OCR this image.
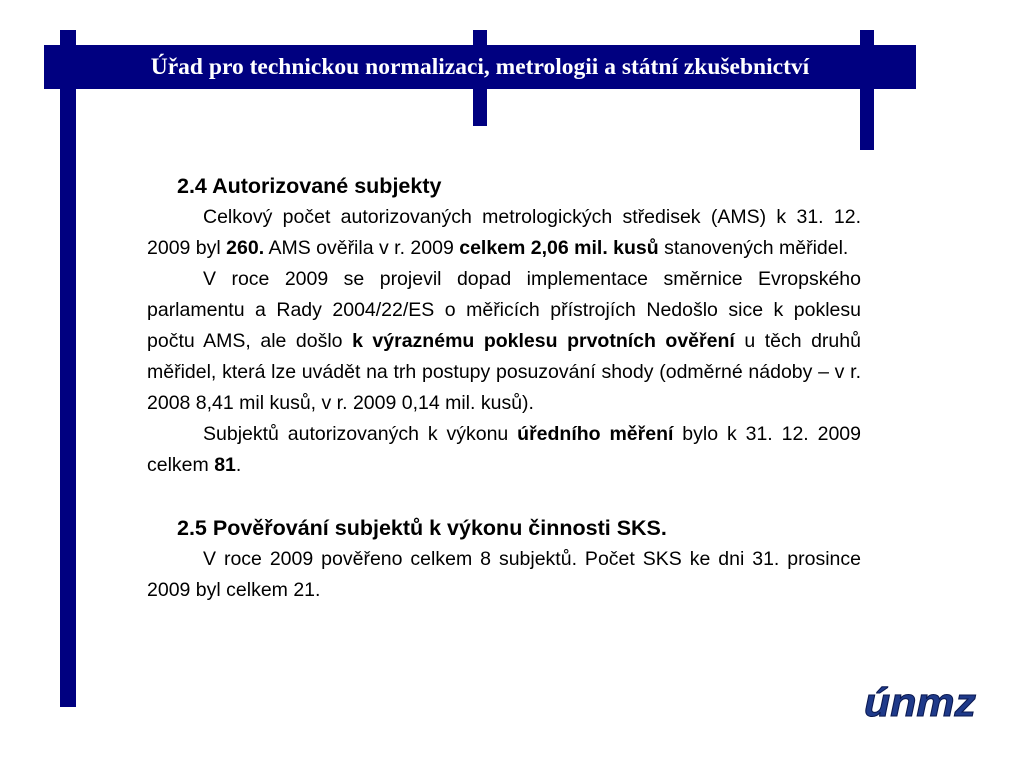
Úřad pro technickou normalizaci, metrologii a státní zkušebnictví

2.4 Autorizované subjekty

Celkový počet autorizovaných metrologických středisek (AMS) k 31. 12. 2009 byl 260. AMS ověřila v r. 2009 celkem 2,06 mil. kusů stanovených měřidel.

V roce 2009 se projevil dopad implementace směrnice Evropského parlamentu a Rady 2004/22/ES o měřicích přístrojích Nedošlo sice k poklesu počtu AMS, ale došlo k výraznému poklesu prvotních ověření u těch druhů měřidel, která lze uvádět na trh postupy posuzování shody (odměrné nádoby – v r. 2008 8,41 mil kusů, v r. 2009 0,14 mil. kusů).

Subjektů autorizovaných k výkonu úředního měření bylo k 31. 12. 2009 celkem 81.

2.5 Pověřování subjektů k výkonu činnosti SKS.

V roce 2009 pověřeno celkem 8 subjektů. Počet SKS ke dni 31. prosince 2009 byl celkem 21.

únmz
